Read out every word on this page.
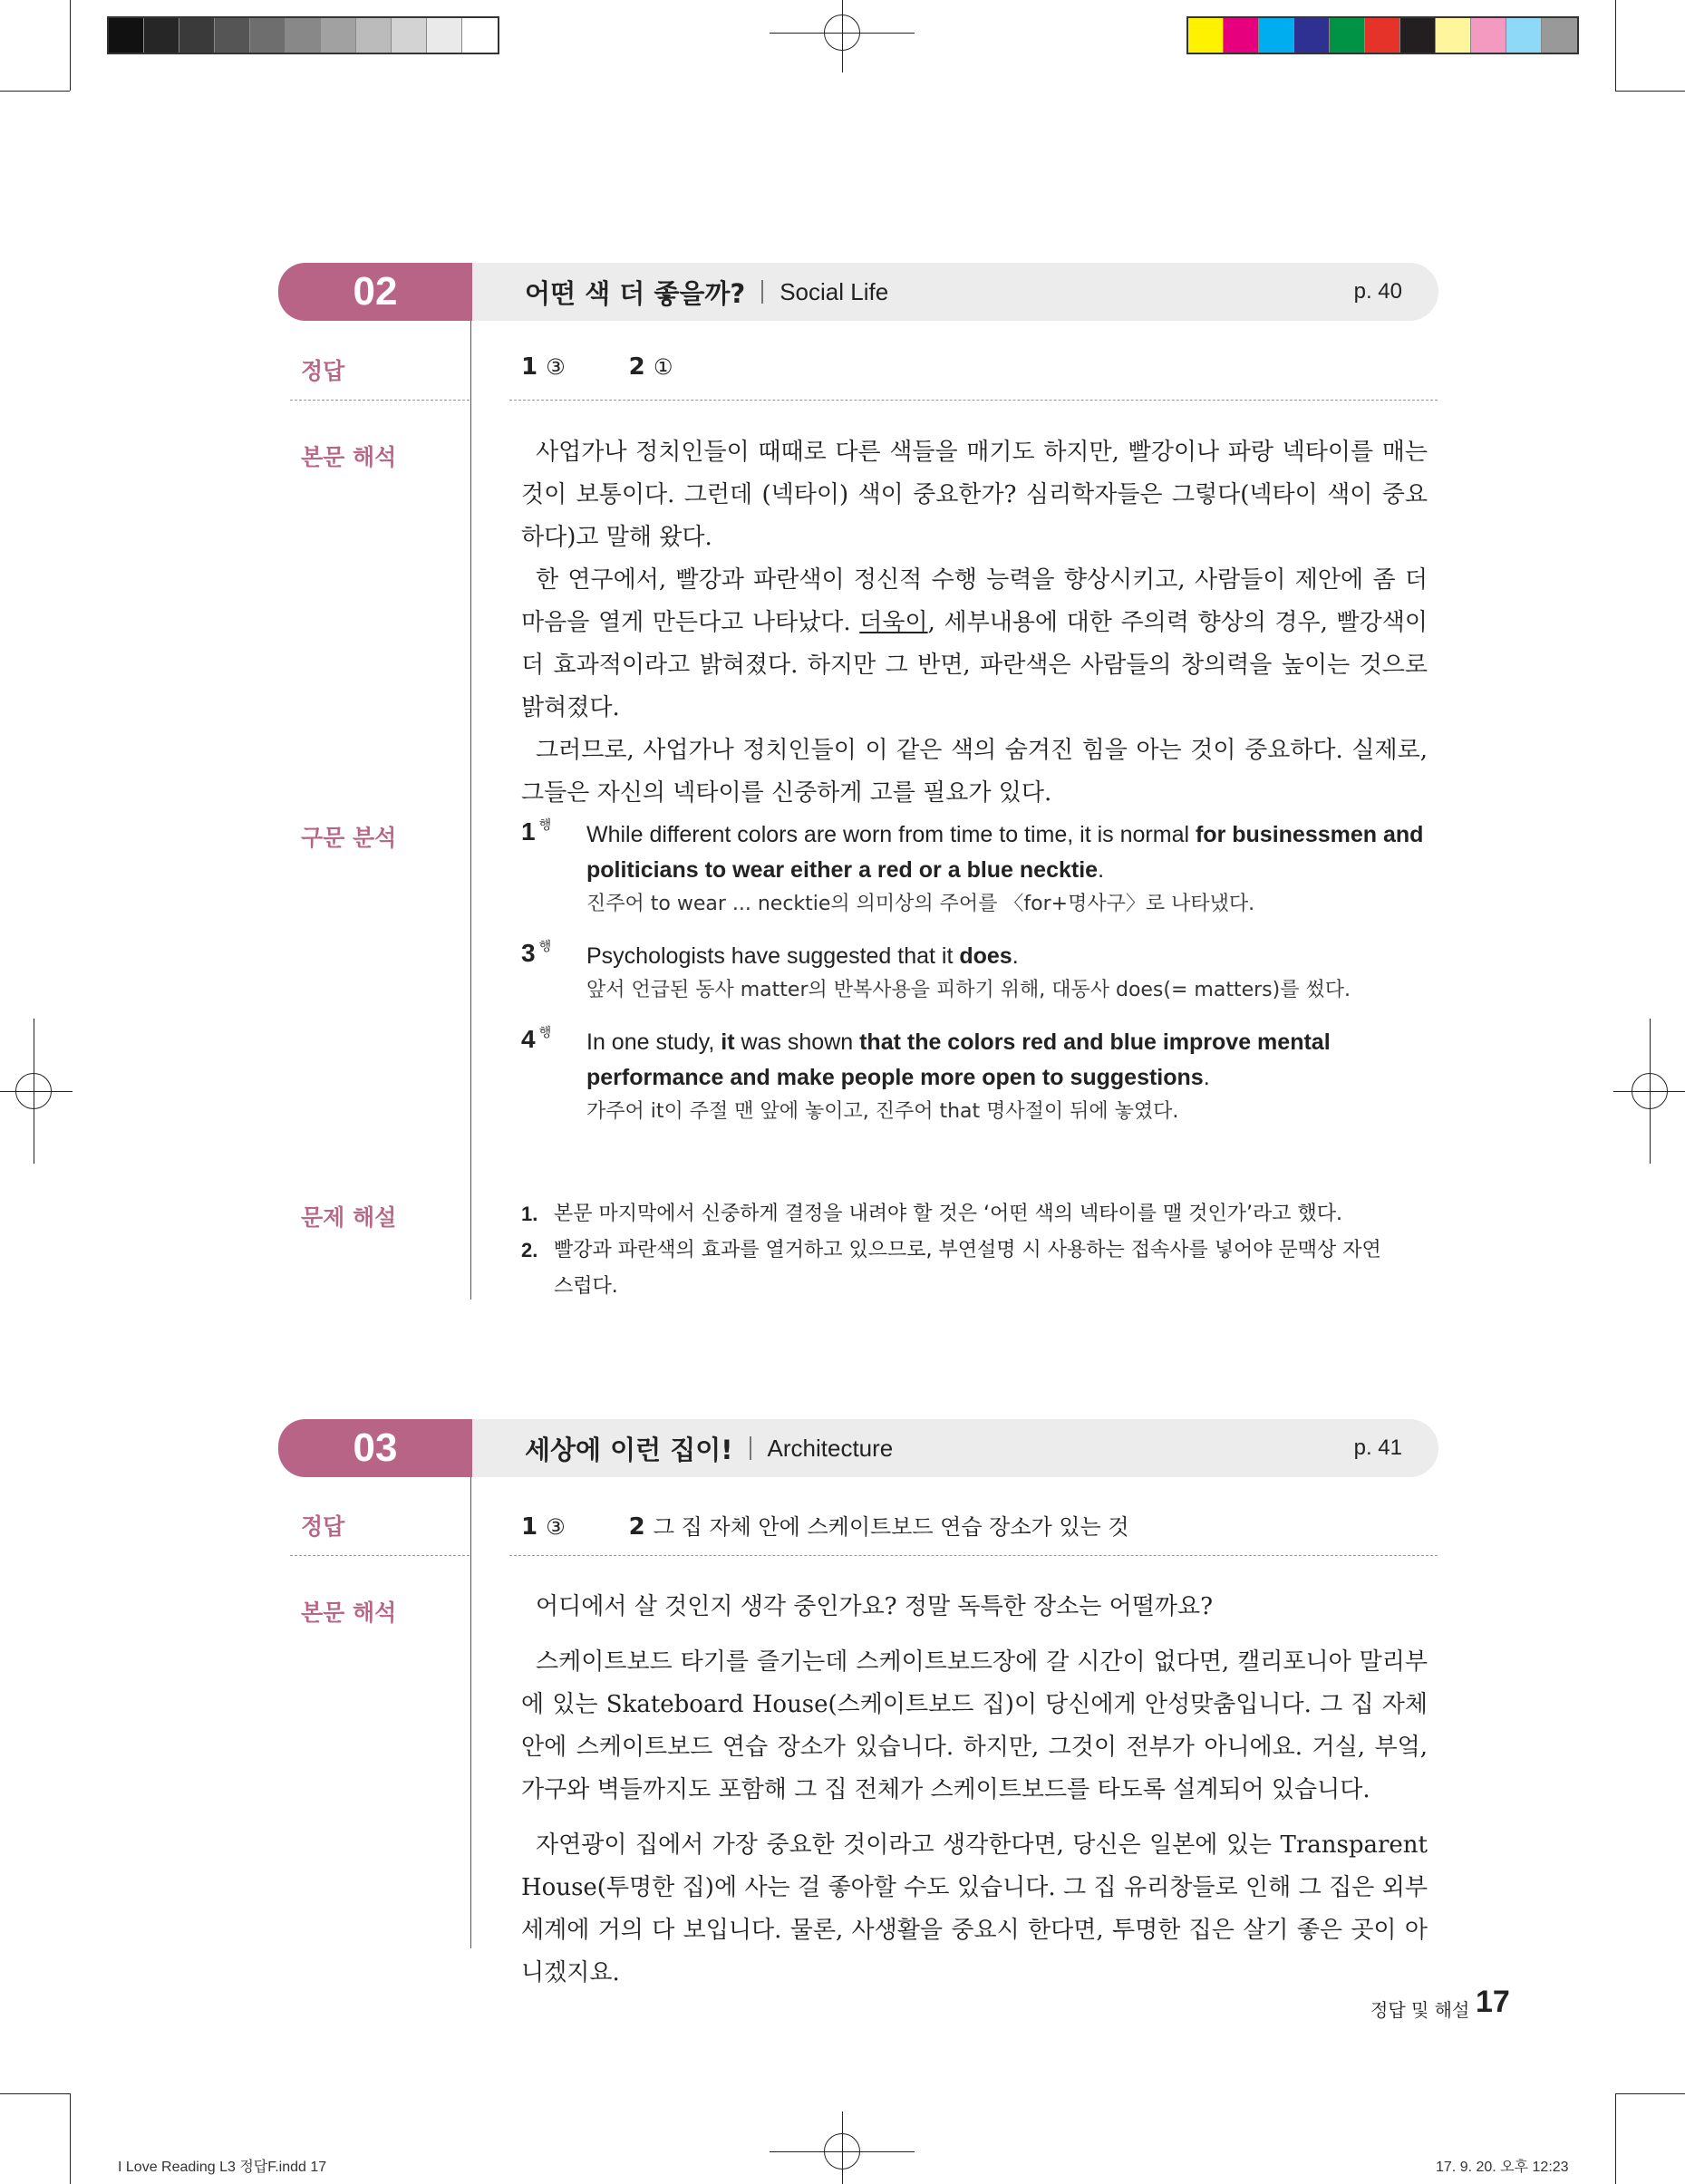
02	어떤 색 더 좋을까? Social Life	p. 40
정답	1 ③	2 ①
본문 해석	사업가나 정치인들이 때때로 다른 색들을 매기도 하지만, 빨강이나 파랑 넥타이를 매는 것이 보통이다. 그런데 (넥타이) 색이 중요한가? 심리학자들은 그렇다(넥타이 색이 중요하다)고 말해 왔다.

한 연구에서, 빨강과 파란색이 정신적 수행 능력을 향상시키고, 사람들이 제안에 좀 더 마음을 열게 만든다고 나타났다. 더욱이, 세부내용에 대한 주의력 향상의 경우, 빨강색이 더 효과적이라고 밝혀졌다. 하지만 그 반면, 파란색은 사람들의 창의력을 높이는 것으로 밝혀졌다.

그러므로, 사업가나 정치인들이 이 같은 색의 숨겨진 힘을 아는 것이 중요하다. 실제로, 그들은 자신의 넥타이를 신중하게 고를 필요가 있다.

구문 분석	1 $^행$ While different colors are worn from time to time, it is normal for businessmen and politicians to wear either a red or a blue necktie.
진주어 to wear ... necktie의 의미상의 주어를 〈for+명사구〉로 나타냈다.
3 $^행$ Psychologists have suggested that it does.
앞서 언급된 동사 matter의 반복사용을 피하기 위해, 대동사 does(= matters)를 썼다.
4 $^행$ In one study, it was shown that the colors red and blue improve mental performance and make people more open to suggestions.
가주어 it이 주절 맨 앞에 놓이고, 진주어 that 명사절이 뒤에 놓였다.
문제 해설	1. 본문 마지막에서 신중하게 결정을 내려야 할 것은 ‘어떤 색의 넥타이를 맬 것인가’라고 했다.
2. 빨강과 파란색의 효과를 열거하고 있으므로, 부연설명 시 사용하는 접속사를 넣어야 문맥상 자연스럽다.
03	세상에 이런 집이! Architecture	p. 41
정답	1 ③	2 그 집 자체 안에 스케이트보드 연습 장소가 있는 것
본문 해석	어디에서 살 것인지 생각 중인가요? 정말 독특한 장소는 어떨까요?

스케이트보드 타기를 즐기는데 스케이트보드장에 갈 시간이 없다면, 캘리포니아 말리부에 있는 Skateboard House(스케이트보드 집)이 당신에게 안성맞춤입니다. 그 집 자체 안에 스케이트보드 연습 장소가 있습니다. 하지만, 그것이 전부가 아니에요. 거실, 부엌, 가구와 벽들까지도 포함해 그 집 전체가 스케이트보드를 타도록 설계되어 있습니다.

자연광이 집에서 가장 중요한 것이라고 생각한다면, 당신은 일본에 있는 Transparent House(투명한 집)에 사는 걸 좋아할 수도 있습니다. 그 집 유리창들로 인해 그 집은 외부 세계에 거의 다 보입니다. 물론, 사생활을 중요시 한다면, 투명한 집은 살기 좋은 곳이 아니겠지요.

정답 및 해설 17
I Love Reading L3 정답F.indd 17	17. 9. 20. 오후 12:23
